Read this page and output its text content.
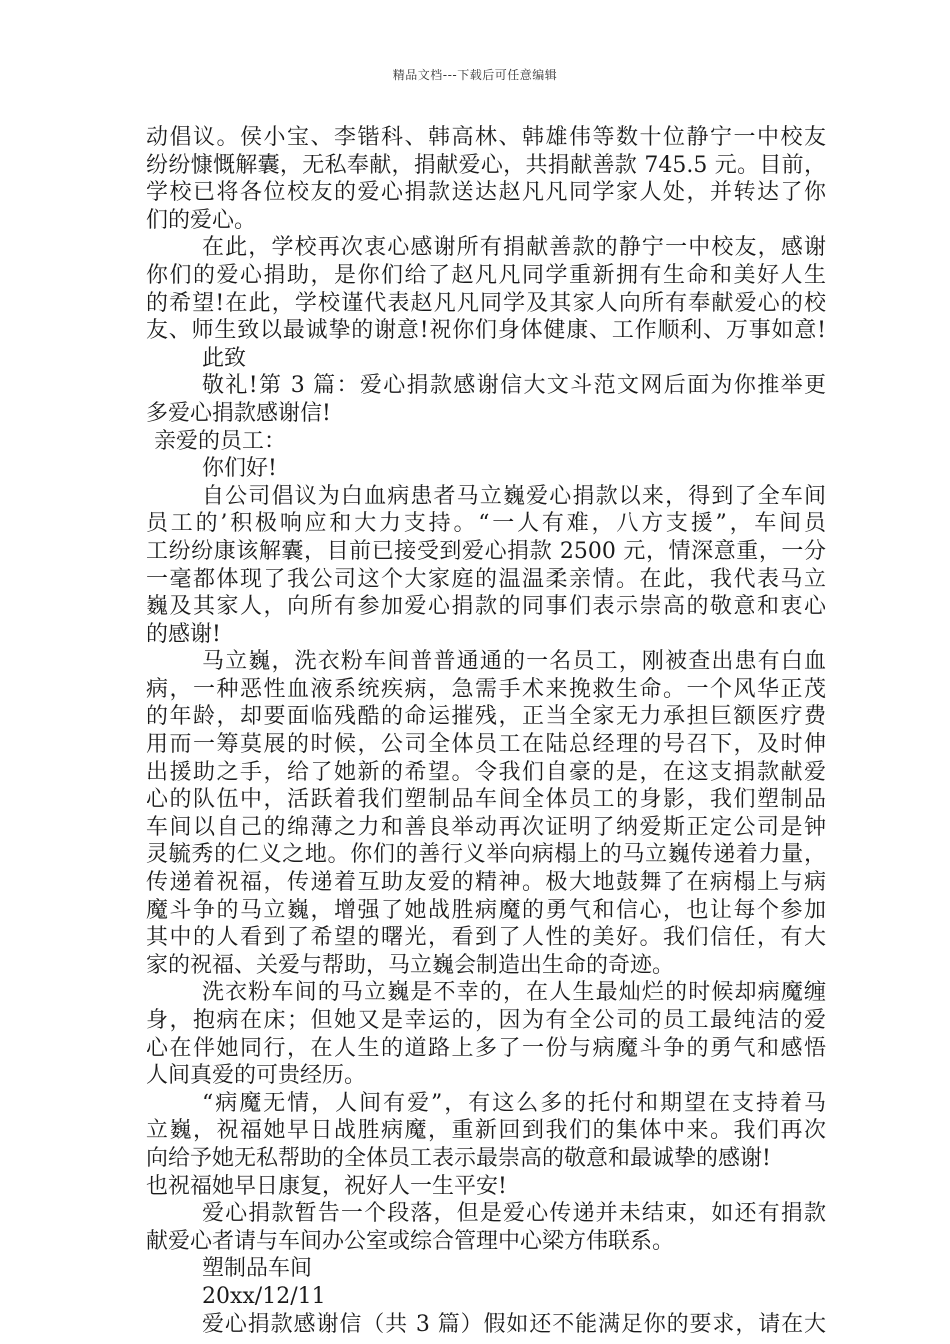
精品文档---下载后可任意编辑
动倡议。侯小宝、李锴科、韩高林、韩雄伟等数十位静宁一中校友
纷纷慷慨解囊，无私奉献，捐献爱心，共捐献善款 745.5 元。目前，
学校已将各位校友的爱心捐款送达赵凡凡同学家人处，并转达了你
们的爱心。
在此，学校再次衷心感谢所有捐献善款的静宁一中校友，感谢
你们的爱心捐助，是你们给了赵凡凡同学重新拥有生命和美好人生
的希望!在此，学校谨代表赵凡凡同学及其家人向所有奉献爱心的校
友、师生致以最诚挚的谢意!祝你们身体健康、工作顺利、万事如意!
此致
敬礼!第 3 篇：爱心捐款感谢信大文斗范文网后面为你推举更
多爱心捐款感谢信!
亲爱的员工：
你们好!
自公司倡议为白血病患者马立巍爱心捐款以来，得到了全车间
员工的’积极响应和大力支持。“一人有难，八方支援”，车间员
工纷纷康该解囊，目前已接受到爱心捐款 2500 元，情深意重，一分
一毫都体现了我公司这个大家庭的温温柔亲情。在此，我代表马立
巍及其家人，向所有参加爱心捐款的同事们表示崇高的敬意和衷心
的感谢!
马立巍，洗衣粉车间普普通通的一名员工，刚被查出患有白血
病，一种恶性血液系统疾病，急需手术来挽救生命。一个风华正茂
的年龄，却要面临残酷的命运摧残，正当全家无力承担巨额医疗费
用而一筹莫展的时候，公司全体员工在陆总经理的号召下，及时伸
出援助之手，给了她新的希望。令我们自豪的是，在这支捐款献爱
心的队伍中，活跃着我们塑制品车间全体员工的身影，我们塑制品
车间以自己的绵薄之力和善良举动再次证明了纳爱斯正定公司是钟
灵毓秀的仁义之地。你们的善行义举向病榻上的马立巍传递着力量，
传递着祝福，传递着互助友爱的精神。极大地鼓舞了在病榻上与病
魔斗争的马立巍，增强了她战胜病魔的勇气和信心，也让每个参加
其中的人看到了希望的曙光，看到了人性的美好。我们信任，有大
家的祝福、关爱与帮助，马立巍会制造出生命的奇迹。
洗衣粉车间的马立巍是不幸的，在人生最灿烂的时候却病魔缠
身，抱病在床；但她又是幸运的，因为有全公司的员工最纯洁的爱
心在伴她同行，在人生的道路上多了一份与病魔斗争的勇气和感悟
人间真爱的可贵经历。
“病魔无情，人间有爱”，有这么多的托付和期望在支持着马
立巍，祝福她早日战胜病魔，重新回到我们的集体中来。我们再次
向给予她无私帮助的全体员工表示最崇高的敬意和最诚挚的感谢!
也祝福她早日康复，祝好人一生平安!
爱心捐款暂告一个段落，但是爱心传递并未结束，如还有捐款
献爱心者请与车间办公室或综合管理中心梁方伟联系。
塑制品车间
20xx/12/11
爱心捐款感谢信（共 3 篇）假如还不能满足你的要求，请在大
